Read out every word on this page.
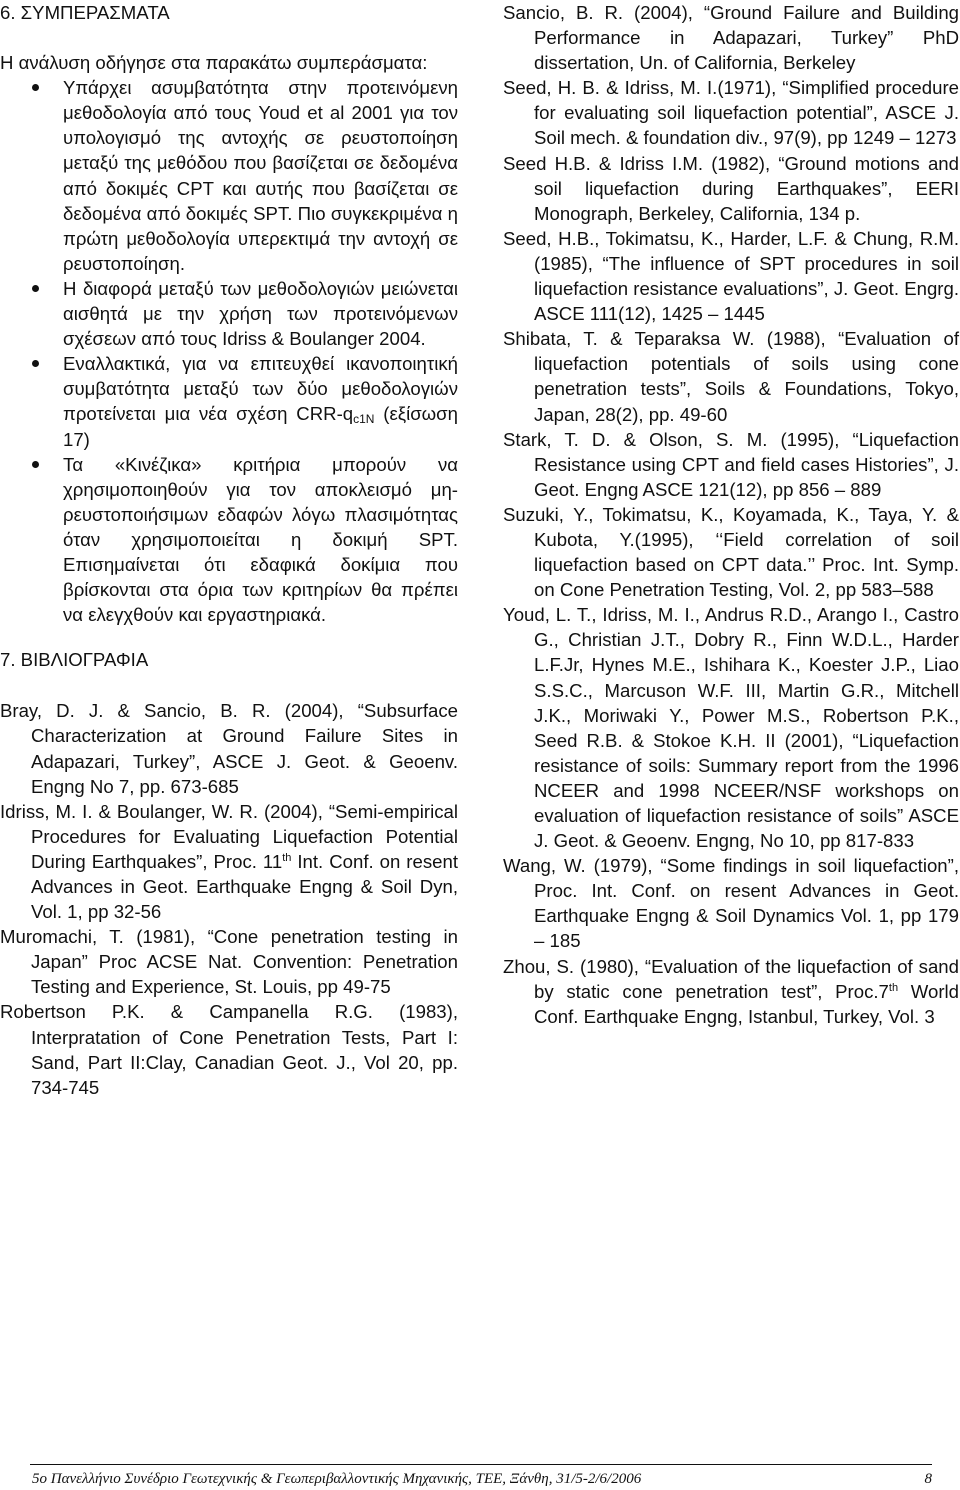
6. ΣΥΜΠΕΡΑΣΜΑΤΑ

Η ανάλυση οδήγησε στα παρακάτω συμπεράσματα:

Υπάρχει ασυμβατότητα στην προτεινόμενη μεθοδολογία από τους Youd et al 2001 για τον υπολογισμό της αντοχής σε ρευστοποίηση μεταξύ της μεθόδου που βασίζεται σε δεδομένα από δοκιμές CPT και αυτής που βασίζεται σε δεδομένα από δοκιμές SPT. Πιο συγκεκριμένα η πρώτη μεθοδολογία υπερεκτιμά την αντοχή σε ρευστοποίηση.
Η διαφορά μεταξύ των μεθοδολογιών μειώνεται αισθητά με την χρήση των προτεινόμενων σχέσεων από τους Idriss & Boulanger 2004.
Εναλλακτικά, για να επιτευχθεί ικανοποιητική συμβατότητα μεταξύ των δύο μεθοδολογιών προτείνεται μια νέα σχέση CRR-$q_{c1N}$ (εξίσωση 17)
Τα «Κινέζικα» κριτήρια μπορούν να χρησιμοποιηθούν για τον αποκλεισμό μη-ρευστοποιήσιμων εδαφών λόγω πλασιμότητας όταν χρησιμοποιείται η δοκιμή SPT. Επισημαίνεται ότι εδαφικά δοκίμια που βρίσκονται στα όρια των κριτηρίων θα πρέπει να ελεγχθούν και εργαστηριακά.
7. ΒΙΒΛΙΟΓΡΑΦΙΑ

Bray, D. J. & Sancio, B. R. (2004), “Subsurface Characterization at Ground Failure Sites in Adapazari, Turkey”, ASCE J. Geot. & Geoenv. Engng No 7, pp. 673-685

Idriss, M. I. & Boulanger, W. R. (2004), “Semi-empirical Procedures for Evaluating Liquefaction Potential During Earthquakes”, Proc. 11th Int. Conf. on resent Advances in Geot. Earthquake Engng & Soil Dyn, Vol. 1, pp 32-56

Muromachi, T. (1981), “Cone penetration testing in Japan” Proc ACSE Nat. Convention: Penetration Testing and Experience, St. Louis, pp 49-75

Robertson P.K. & Campanella R.G. (1983), Interpratation of Cone Penetration Tests, Part I: Sand, Part II:Clay, Canadian Geot. J., Vol 20, pp. 734-745

Sancio, B. R. (2004), “Ground Failure and Building Performance in Adapazari, Turkey” PhD dissertation, Un. of California, Berkeley

Seed, H. B. & Idriss, M. I.(1971), “Simplified procedure for evaluating soil liquefaction potential”, ASCE J. Soil mech. & foundation div., 97(9), pp 1249 – 1273

Seed H.B. & Idriss I.M. (1982), “Ground motions and soil liquefaction during Earthquakes”, EERI Monograph, Berkeley, California, 134 p.

Seed, H.B., Tokimatsu, K., Harder, L.F. & Chung, R.M. (1985), “The influence of SPT procedures in soil liquefaction resistance evaluations”, J. Geot. Engrg. ASCE 111(12), 1425 – 1445

Shibata, T. & Teparaksa W. (1988), “Evaluation of liquefaction potentials of soils using cone penetration tests”, Soils & Foundations, Tokyo, Japan, 28(2), pp. 49-60

Stark, T. D. & Olson, S. M. (1995), “Liquefaction Resistance using CPT and field cases Histories”, J. Geot. Engng ASCE 121(12), pp 856 – 889

Suzuki, Y., Tokimatsu, K., Koyamada, K., Taya, Y. & Kubota, Y.(1995), ‘‘Field correlation of soil liquefaction based on CPT data.’’ Proc. Int. Symp. on Cone Penetration Testing, Vol. 2, pp 583–588

Youd, L. T., Idriss, M. I., Andrus R.D., Arango I., Castro G., Christian J.T., Dobry R., Finn W.D.L., Harder L.F.Jr, Hynes M.E., Ishihara K., Koester J.P., Liao S.S.C., Marcuson W.F. III, Martin G.R., Mitchell J.K., Moriwaki Y., Power M.S., Robertson P.K., Seed R.B. & Stokoe K.H. II (2001), “Liquefaction resistance of soils: Summary report from the 1996 NCEER and 1998 NCEER/NSF workshops on evaluation of liquefaction resistance of soils” ASCE J. Geot. & Geoenv. Engng, No 10, pp 817-833

Wang, W. (1979), “Some findings in soil liquefaction”, Proc. Int. Conf. on resent Advances in Geot. Earthquake Engng & Soil Dynamics Vol. 1, pp 179 – 185

Zhou, S. (1980), “Evaluation of the liquefaction of sand by static cone penetration test”, Proc.7th World Conf. Earthquake Engng, Istanbul, Turkey, Vol. 3

5o Πανελλήνιο Συνέδριο Γεωτεχνικής & Γεωπεριβαλλοντικής Μηχανικής, ΤΕΕ, Ξάνθη, 31/5-2/6/2006	8
